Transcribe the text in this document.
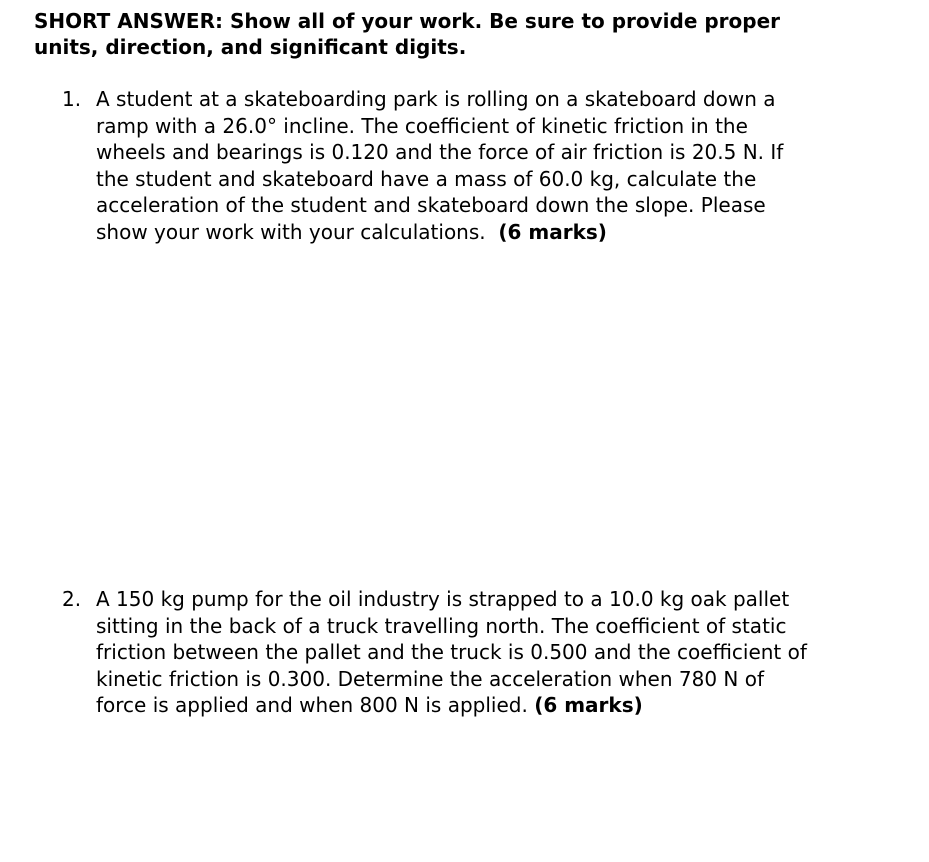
SHORT ANSWER: Show all of your work. Be sure to provide proper
units, direction, and significant digits.
1. A student at a skateboarding park is rolling on a skateboard down a
ramp with a 26.0° incline. The coefficient of kinetic friction in the
wheels and bearings is 0.120 and the force of air friction is 20.5 N. If
the student and skateboard have a mass of 60.0 kg, calculate the
acceleration of the student and skateboard down the slope. Please
show your work with your calculations.  (6 marks)
2. A 150 kg pump for the oil industry is strapped to a 10.0 kg oak pallet
sitting in the back of a truck travelling north. The coefficient of static
friction between the pallet and the truck is 0.500 and the coefficient of
kinetic friction is 0.300. Determine the acceleration when 780 N of
force is applied and when 800 N is applied. (6 marks)
